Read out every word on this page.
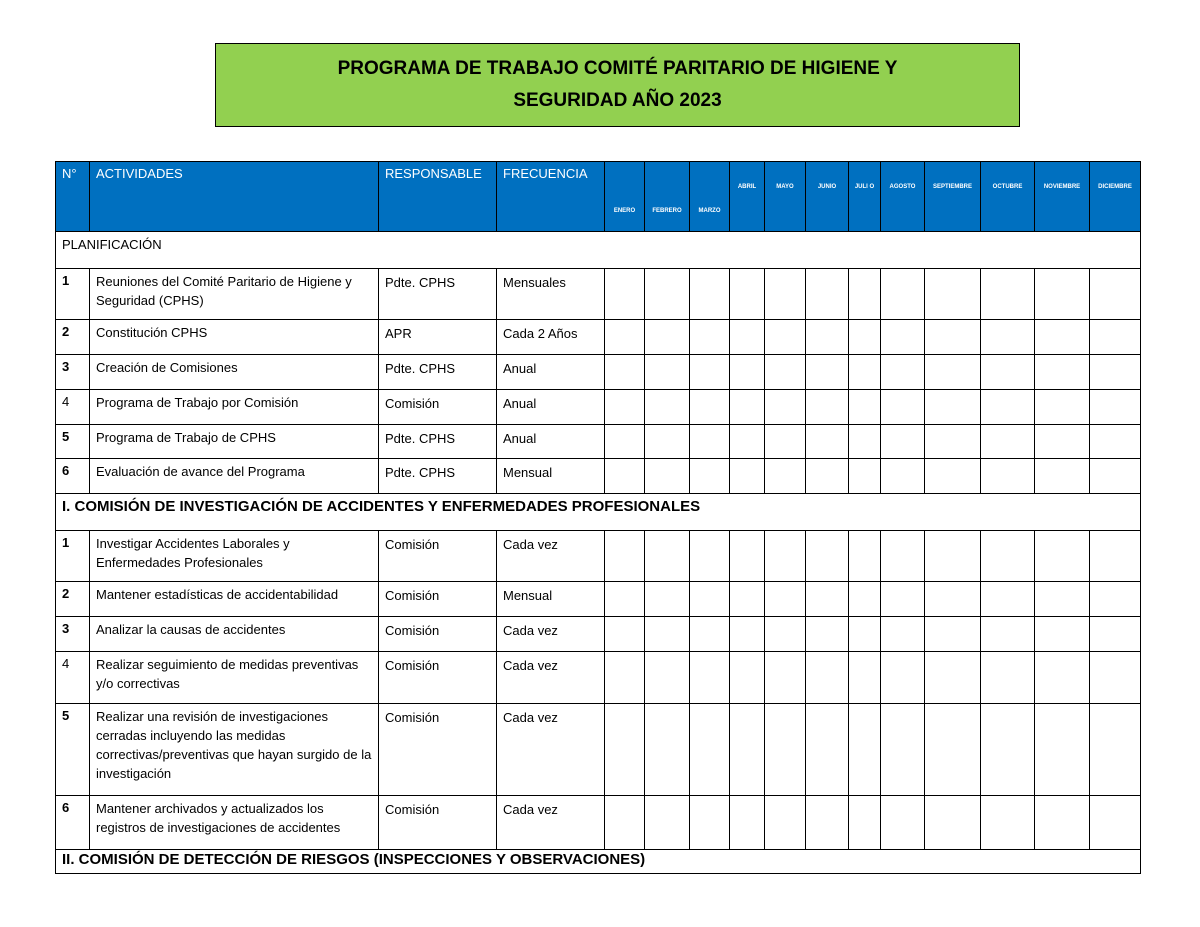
PROGRAMA DE TRABAJO COMITÉ PARITARIO DE HIGIENE Y
SEGURIDAD AÑO 2023
N°	ACTIVIDADES	RESPONSABLE	FRECUENCIA	ENERO	FEBRERO	MARZO	ABRIL	MAYO	JUNIO	JULI O	AGOSTO	SEPTIEMBRE	OCTUBRE	NOVIEMBRE	DICIEMBRE
PLANIFICACIÓN															
1	Reuniones del Comité Paritario de Higiene y Seguridad (CPHS)	Pdte. CPHS	Mensuales												
2	Constitución CPHS	APR	Cada 2 Años												
3	Creación de Comisiones	Pdte. CPHS	Anual												
4	Programa de Trabajo por Comisión	Comisión	Anual												
5	Programa de Trabajo de CPHS	Pdte. CPHS	Anual												
6	Evaluación de avance del Programa	Pdte. CPHS	Mensual												
I. COMISIÓN DE INVESTIGACIÓN DE ACCIDENTES Y ENFERMEDADES PROFESIONALES															
1	Investigar Accidentes Laborales y Enfermedades Profesionales	Comisión	Cada vez												
2	Mantener estadísticas de accidentabilidad	Comisión	Mensual												
3	Analizar la causas de accidentes	Comisión	Cada vez												
4	Realizar seguimiento de medidas preventivas y/o correctivas	Comisión	Cada vez												
5	Realizar una revisión de investigaciones cerradas incluyendo las medidas correctivas/preventivas que hayan surgido de la investigación	Comisión	Cada vez												
6	Mantener archivados y actualizados los registros de investigaciones de accidentes	Comisión	Cada vez												
II. COMISIÓN DE DETECCIÓN DE RIESGOS (INSPECCIONES Y OBSERVACIONES)															
